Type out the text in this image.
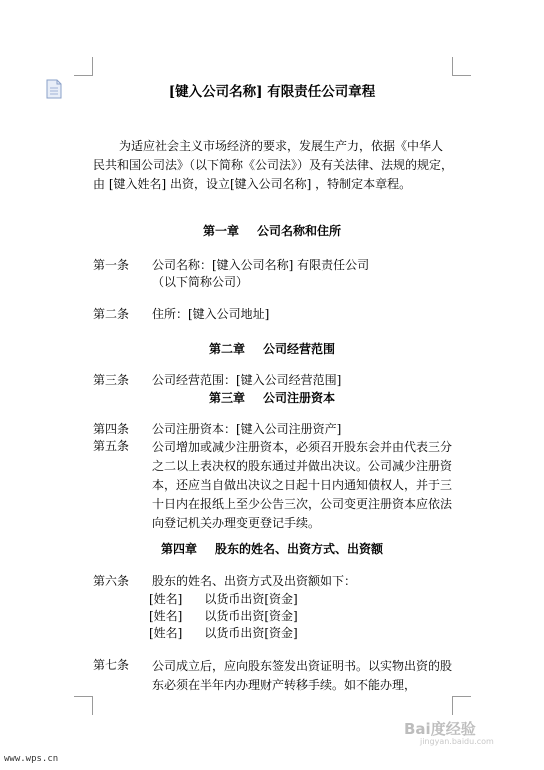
[键入公司名称] 有限责任公司章程
为适应社会主义市场经济的要求，发展生产力，依据《中华人民共和国公司法》（以下简称《公司法》）及有关法律、法规的规定，由 [键入姓名] 出资，设立[键入公司名称] ，特制定本章程。
第一章 公司名称和住所
第一条 公司名称：[键入公司名称] 有限责任公司
（以下简称公司）
第二条 住所：[键入公司地址]
第二章 公司经营范围
第三条 公司经营范围：[键入公司经营范围]
第三章 公司注册资本
第四条 公司注册资本：[键入公司注册资产]
第五条 公司增加或减少注册资本，必须召开股东会并由代表三分之二以上表决权的股东通过并做出决议。公司减少注册资本，还应当自做出决议之日起十日内通知债权人，并于三十日内在报纸上至少公告三次，公司变更注册资本应依法向登记机关办理变更登记手续。
第四章 股东的姓名、出资方式、出资额
第六条 股东的姓名、出资方式及出资额如下：
[姓名] 以货币出资[资金]
[姓名] 以货币出资[资金]
[姓名] 以货币出资[资金]
第七条 公司成立后，应向股东签发出资证明书。以实物出资的股东必须在半年内办理财产转移手续。如不能办理，
www.wps.cn
Bai度经验
jingyan.baidu.com
